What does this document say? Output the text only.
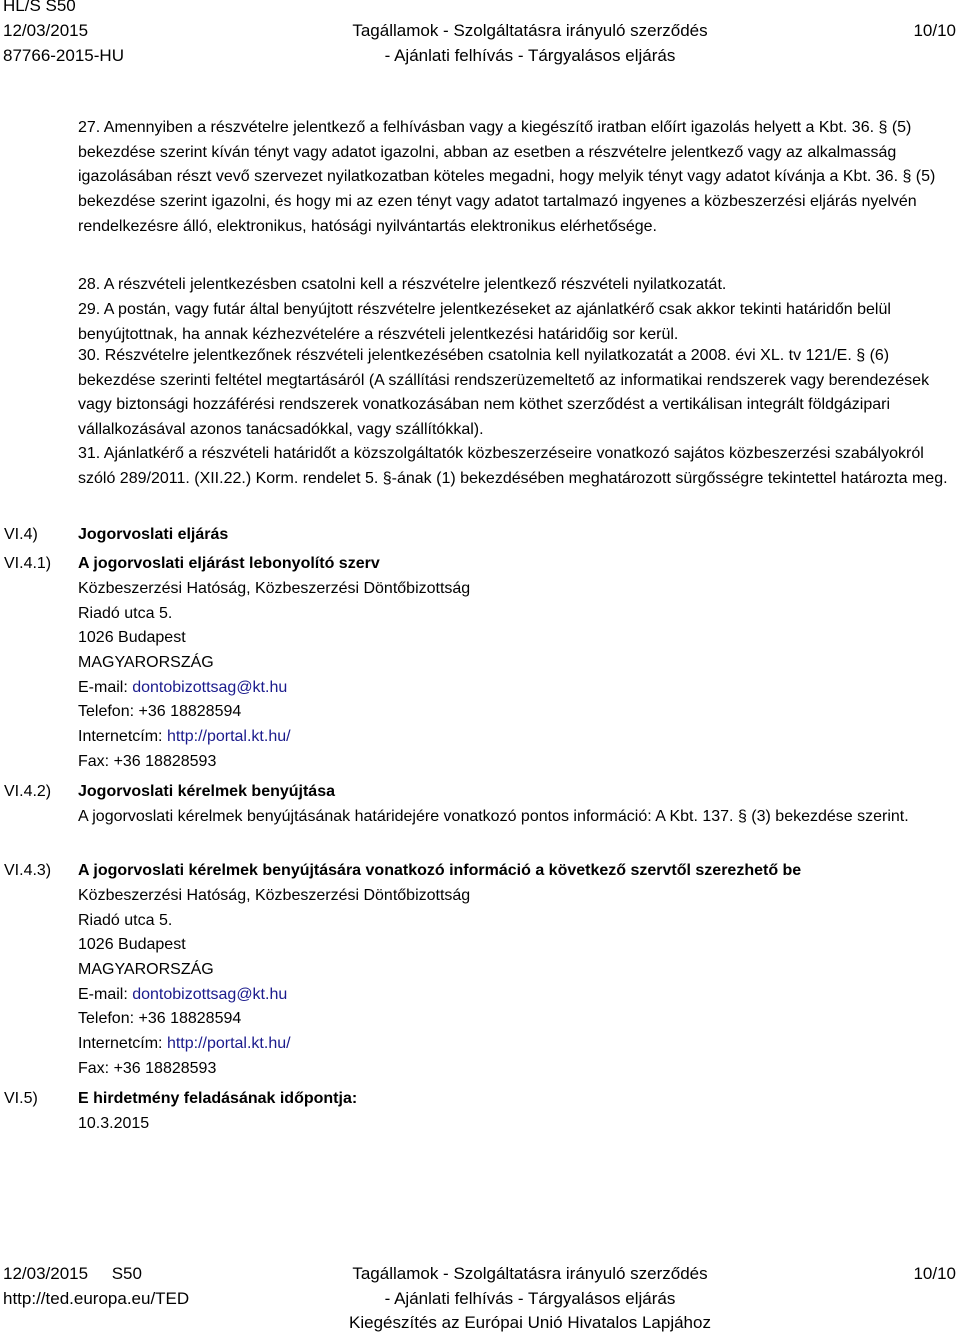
HL/S S50
12/03/2015
87766-2015-HU
Tagállamok - Szolgáltatásra irányuló szerződés
- Ajánlati felhívás - Tárgyalásos eljárás
10/10
27. Amennyiben a részvételre jelentkező a felhívásban vagy a kiegészítő iratban előírt igazolás helyett a Kbt. 36. § (5) bekezdése szerint kíván tényt vagy adatot igazolni, abban az esetben a részvételre jelentkező vagy az alkalmasság igazolásában részt vevő szervezet nyilatkozatban köteles megadni, hogy melyik tényt vagy adatot kívánja a Kbt. 36. § (5) bekezdése szerint igazolni, és hogy mi az ezen tényt vagy adatot tartalmazó ingyenes a közbeszerzési eljárás nyelvén rendelkezésre álló, elektronikus, hatósági nyilvántartás elektronikus elérhetősége.
28. A részvételi jelentkezésben csatolni kell a részvételre jelentkező részvételi nyilatkozatát.
29. A postán, vagy futár által benyújtott részvételre jelentkezéseket az ajánlatkérő csak akkor tekinti határidőn belül benyújtottnak, ha annak kézhezvételére a részvételi jelentkezési határidőig sor kerül.
30. Részvételre jelentkezőnek részvételi jelentkezésében csatolnia kell nyilatkozatát a 2008. évi XL. tv 121/E. § (6) bekezdése szerinti feltétel megtartásáról (A szállítási rendszerüzemeltető az informatikai rendszerek vagy berendezések vagy biztonsági hozzáférési rendszerek vonatkozásában nem köthet szerződést a vertikálisan integrált földgázipari vállalkozásával azonos tanácsadókkal, vagy szállítókkal).
31. Ajánlatkérő a részvételi határidőt a közszolgáltatók közbeszerzéseire vonatkozó sajátos közbeszerzési szabályokról szóló 289/2011. (XII.22.) Korm. rendelet 5. §-ának (1) bekezdésében meghatározott sürgősségre tekintettel határozta meg.
VI.4)	Jogorvoslati eljárás
VI.4.1) A jogorvoslati eljárást lebonyolító szerv
Közbeszerzési Hatóság, Közbeszerzési Döntőbizottság
Riadó utca 5.
1026 Budapest
MAGYARORSZÁG
E-mail: dontobizottsag@kt.hu
Telefon: +36 18828594
Internetcím: http://portal.kt.hu/
Fax: +36 18828593
VI.4.2) Jogorvoslati kérelmek benyújtása
A jogorvoslati kérelmek benyújtásának határidejére vonatkozó pontos információ: A Kbt. 137. § (3) bekezdése szerint.
VI.4.3) A jogorvoslati kérelmek benyújtására vonatkozó információ a következő szervtől szerezhető be
Közbeszerzési Hatóság, Közbeszerzési Döntőbizottság
Riadó utca 5.
1026 Budapest
MAGYARORSZÁG
E-mail: dontobizottsag@kt.hu
Telefon: +36 18828594
Internetcím: http://portal.kt.hu/
Fax: +36 18828593
VI.5)	E hirdetmény feladásának időpontja:
10.3.2015
12/03/2015     S50
http://ted.europa.eu/TED
Tagállamok - Szolgáltatásra irányuló szerződés
- Ajánlati felhívás - Tárgyalásos eljárás
Kiegészítés az Európai Unió Hivatalos Lapjához
10/10
